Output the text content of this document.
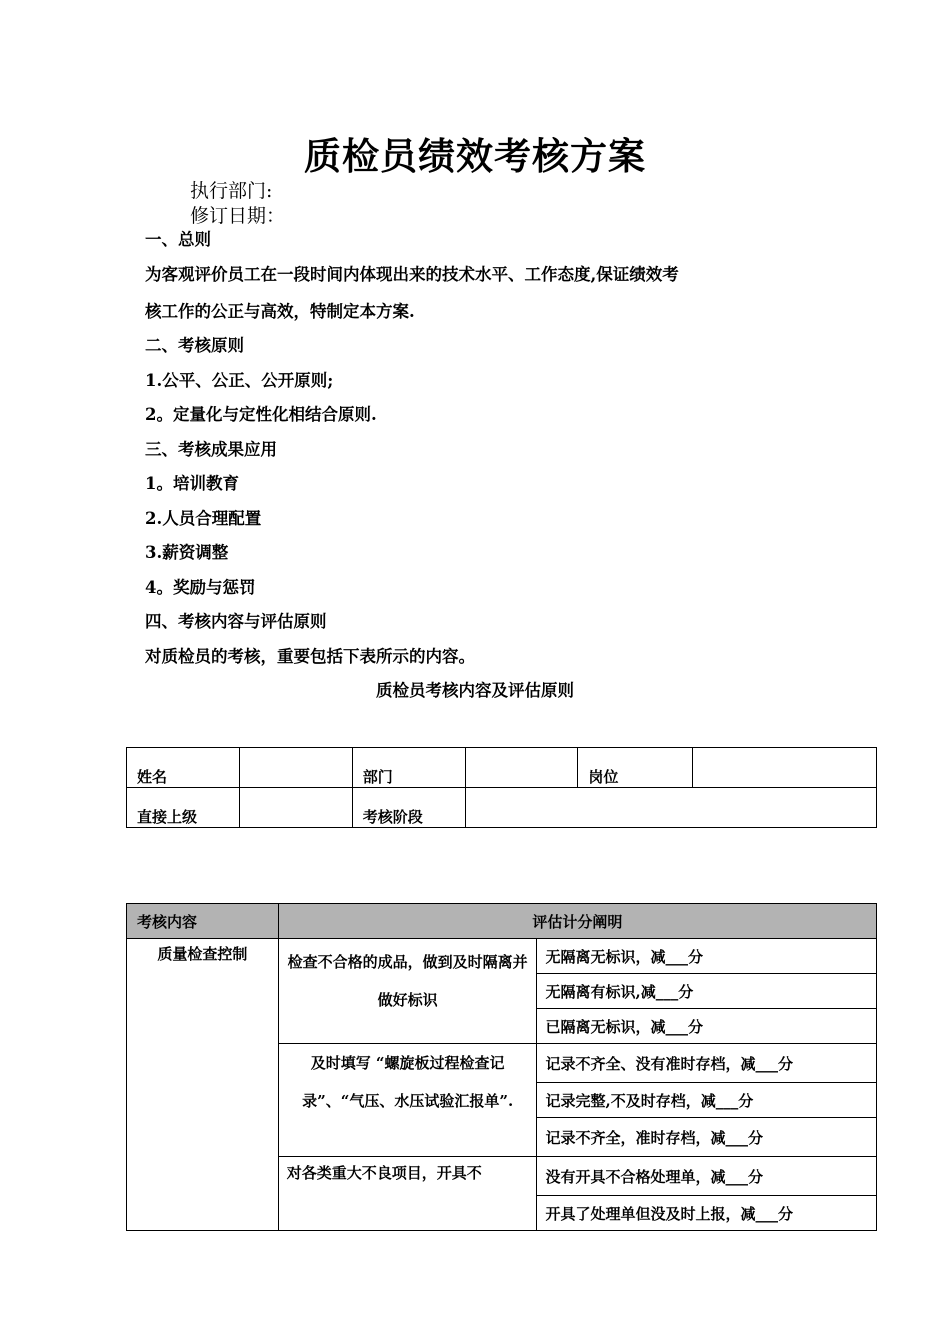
质检员绩效考核方案
执行部门:
修订日期：
一、总则
为客观评价员工在一段时间内体现出来的技术水平、工作态度,保证绩效考
核工作的公正与高效，特制定本方案.
二、考核原则
1.公平、公正、公开原则;
2。定量化与定性化相结合原则.
三、考核成果应用
1。培训教育
2.人员合理配置
3.薪资调整
4。奖励与惩罚
四、考核内容与评估原则
对质检员的考核，重要包括下表所示的内容。
质检员考核内容及评估原则
姓名		部门		岗位	
直接上级		考核阶段			
考核内容	评估计分阐明	
质量检查控制	检查不合格的成品，做到及时隔离并做好标识	无隔离无标识，减___分
		无隔离有标识,减___分
		已隔离无标识，减___分
	及时填写 “螺旋板过程检查记录”、“气压、水压试验汇报单”.	记录不齐全、没有准时存档，减___分
		记录完整,不及时存档，减___分
		记录不齐全，准时存档，减___分
	对各类重大不良项目，开具不	没有开具不合格处理单，减___分
		开具了处理单但没及时上报，减___分
